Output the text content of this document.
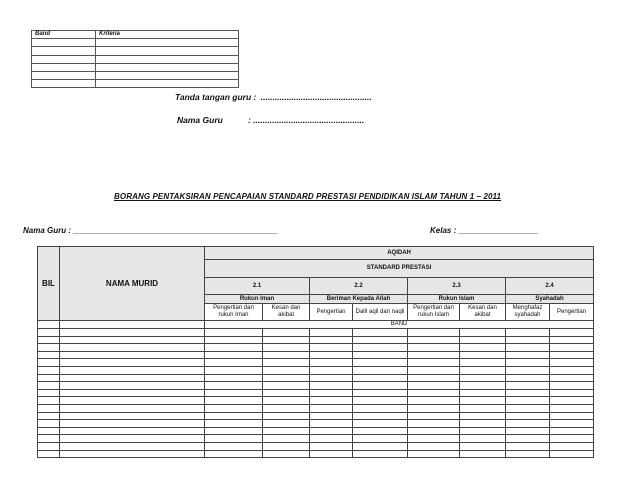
Band	Kriteria

Tanda tangan guru : ...............................................
Nama Guru	: ...............................................
BORANG PENTAKSIRAN PENCAPAIAN STANDARD PRESTASI PENDIDIKAN ISLAM TAHUN 1 – 2011
Nama Guru : ______________________________________________	Kelas : __________________
BIL	NAMA MURID	AQIDAH							
		STANDARD PRESTASI							
		2.1		2.2		2.3		2.4	
		Rukun Iman		Beriman Kepada Allah		Rukun Islam		Syahadah	
		Pengertian dan rukun Iman	Kesan dan akibat	Pengertian	Dalil aqli dan naqli	Pengertian dan rukun Islam	Kesan dan akibat	Menghafaz syahadah	Pengertian
		BAND							
